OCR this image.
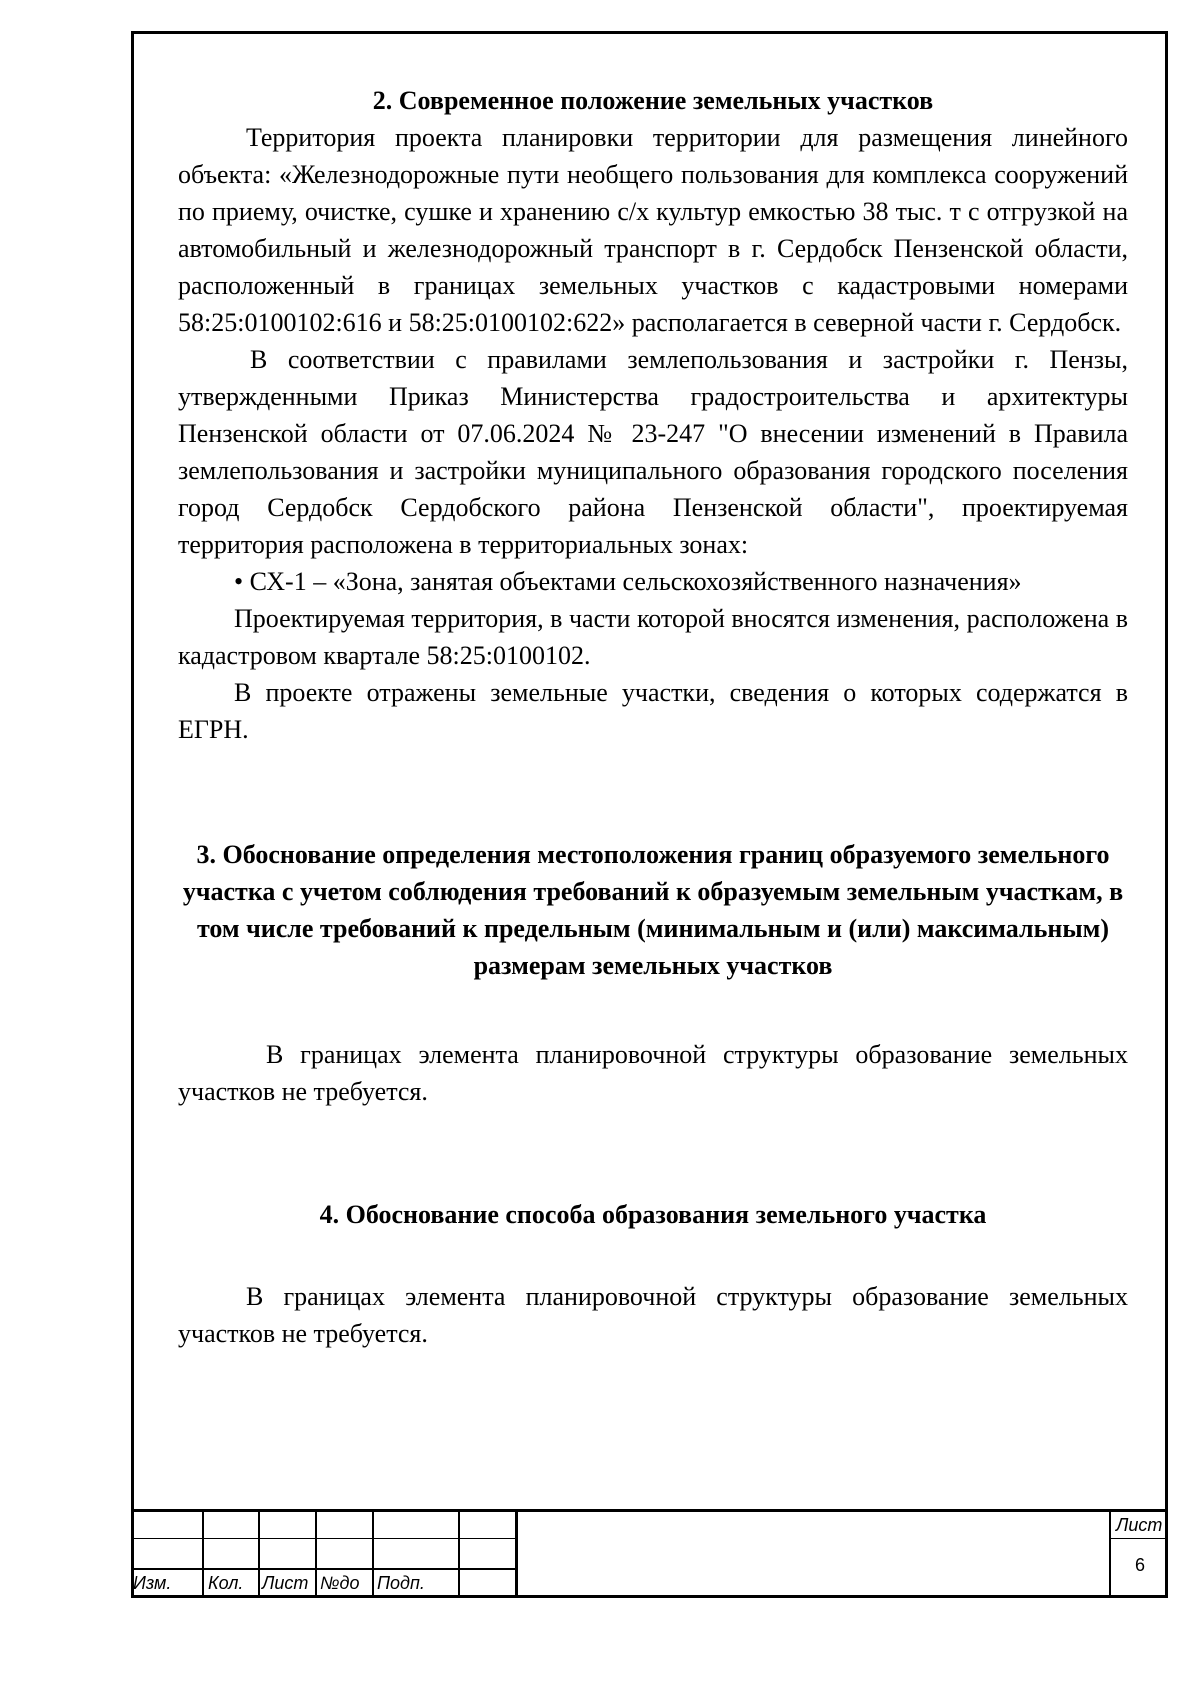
2. Современное положение земельных участков

Территория проекта планировки территории для размещения линейного объекта: «Железнодорожные пути необщего пользования для комплекса сооружений по приему, очистке, сушке и хранению с/х культур емкостью 38 тыс. т с отгрузкой на автомобильный и железнодорожный транспорт в г. Сердобск Пензенской области, расположенный в границах земельных участков с кадастровыми номерами 58:25:0100102:616 и 58:25:0100102:622» располагается в северной части г. Сердобск.

В соответствии с правилами землепользования и застройки г. Пензы, утвержденными Приказ Министерства градостроительства и архитектуры Пензенской области от 07.06.2024 № 23-247 "О внесении изменений в Правила землепользования и застройки муниципального образования городского поселения город Сердобск Сердобского района Пензенской области", проектируемая территория расположена в территориальных зонах:

• СХ-1 – «Зона, занятая объектами сельскохозяйственного назначения»

Проектируемая территория, в части которой вносятся изменения, расположена в кадастровом квартале 58:25:0100102.

В проекте отражены земельные участки, сведения о которых содержатся в ЕГРН.

3. Обоснование определения местоположения границ образуемого земельного участка с учетом соблюдения требований к образуемым земельным участкам, в том числе требований к предельным (минимальным и (или) максимальным) размерам земельных участков

В границах элемента планировочной структуры образование земельных участков не требуется.

4. Обоснование способа образования земельного участка

В границах элемента планировочной структуры образование земельных участков не требуется.

Изм. Кол. Лист №до Подп.
Лист
6
